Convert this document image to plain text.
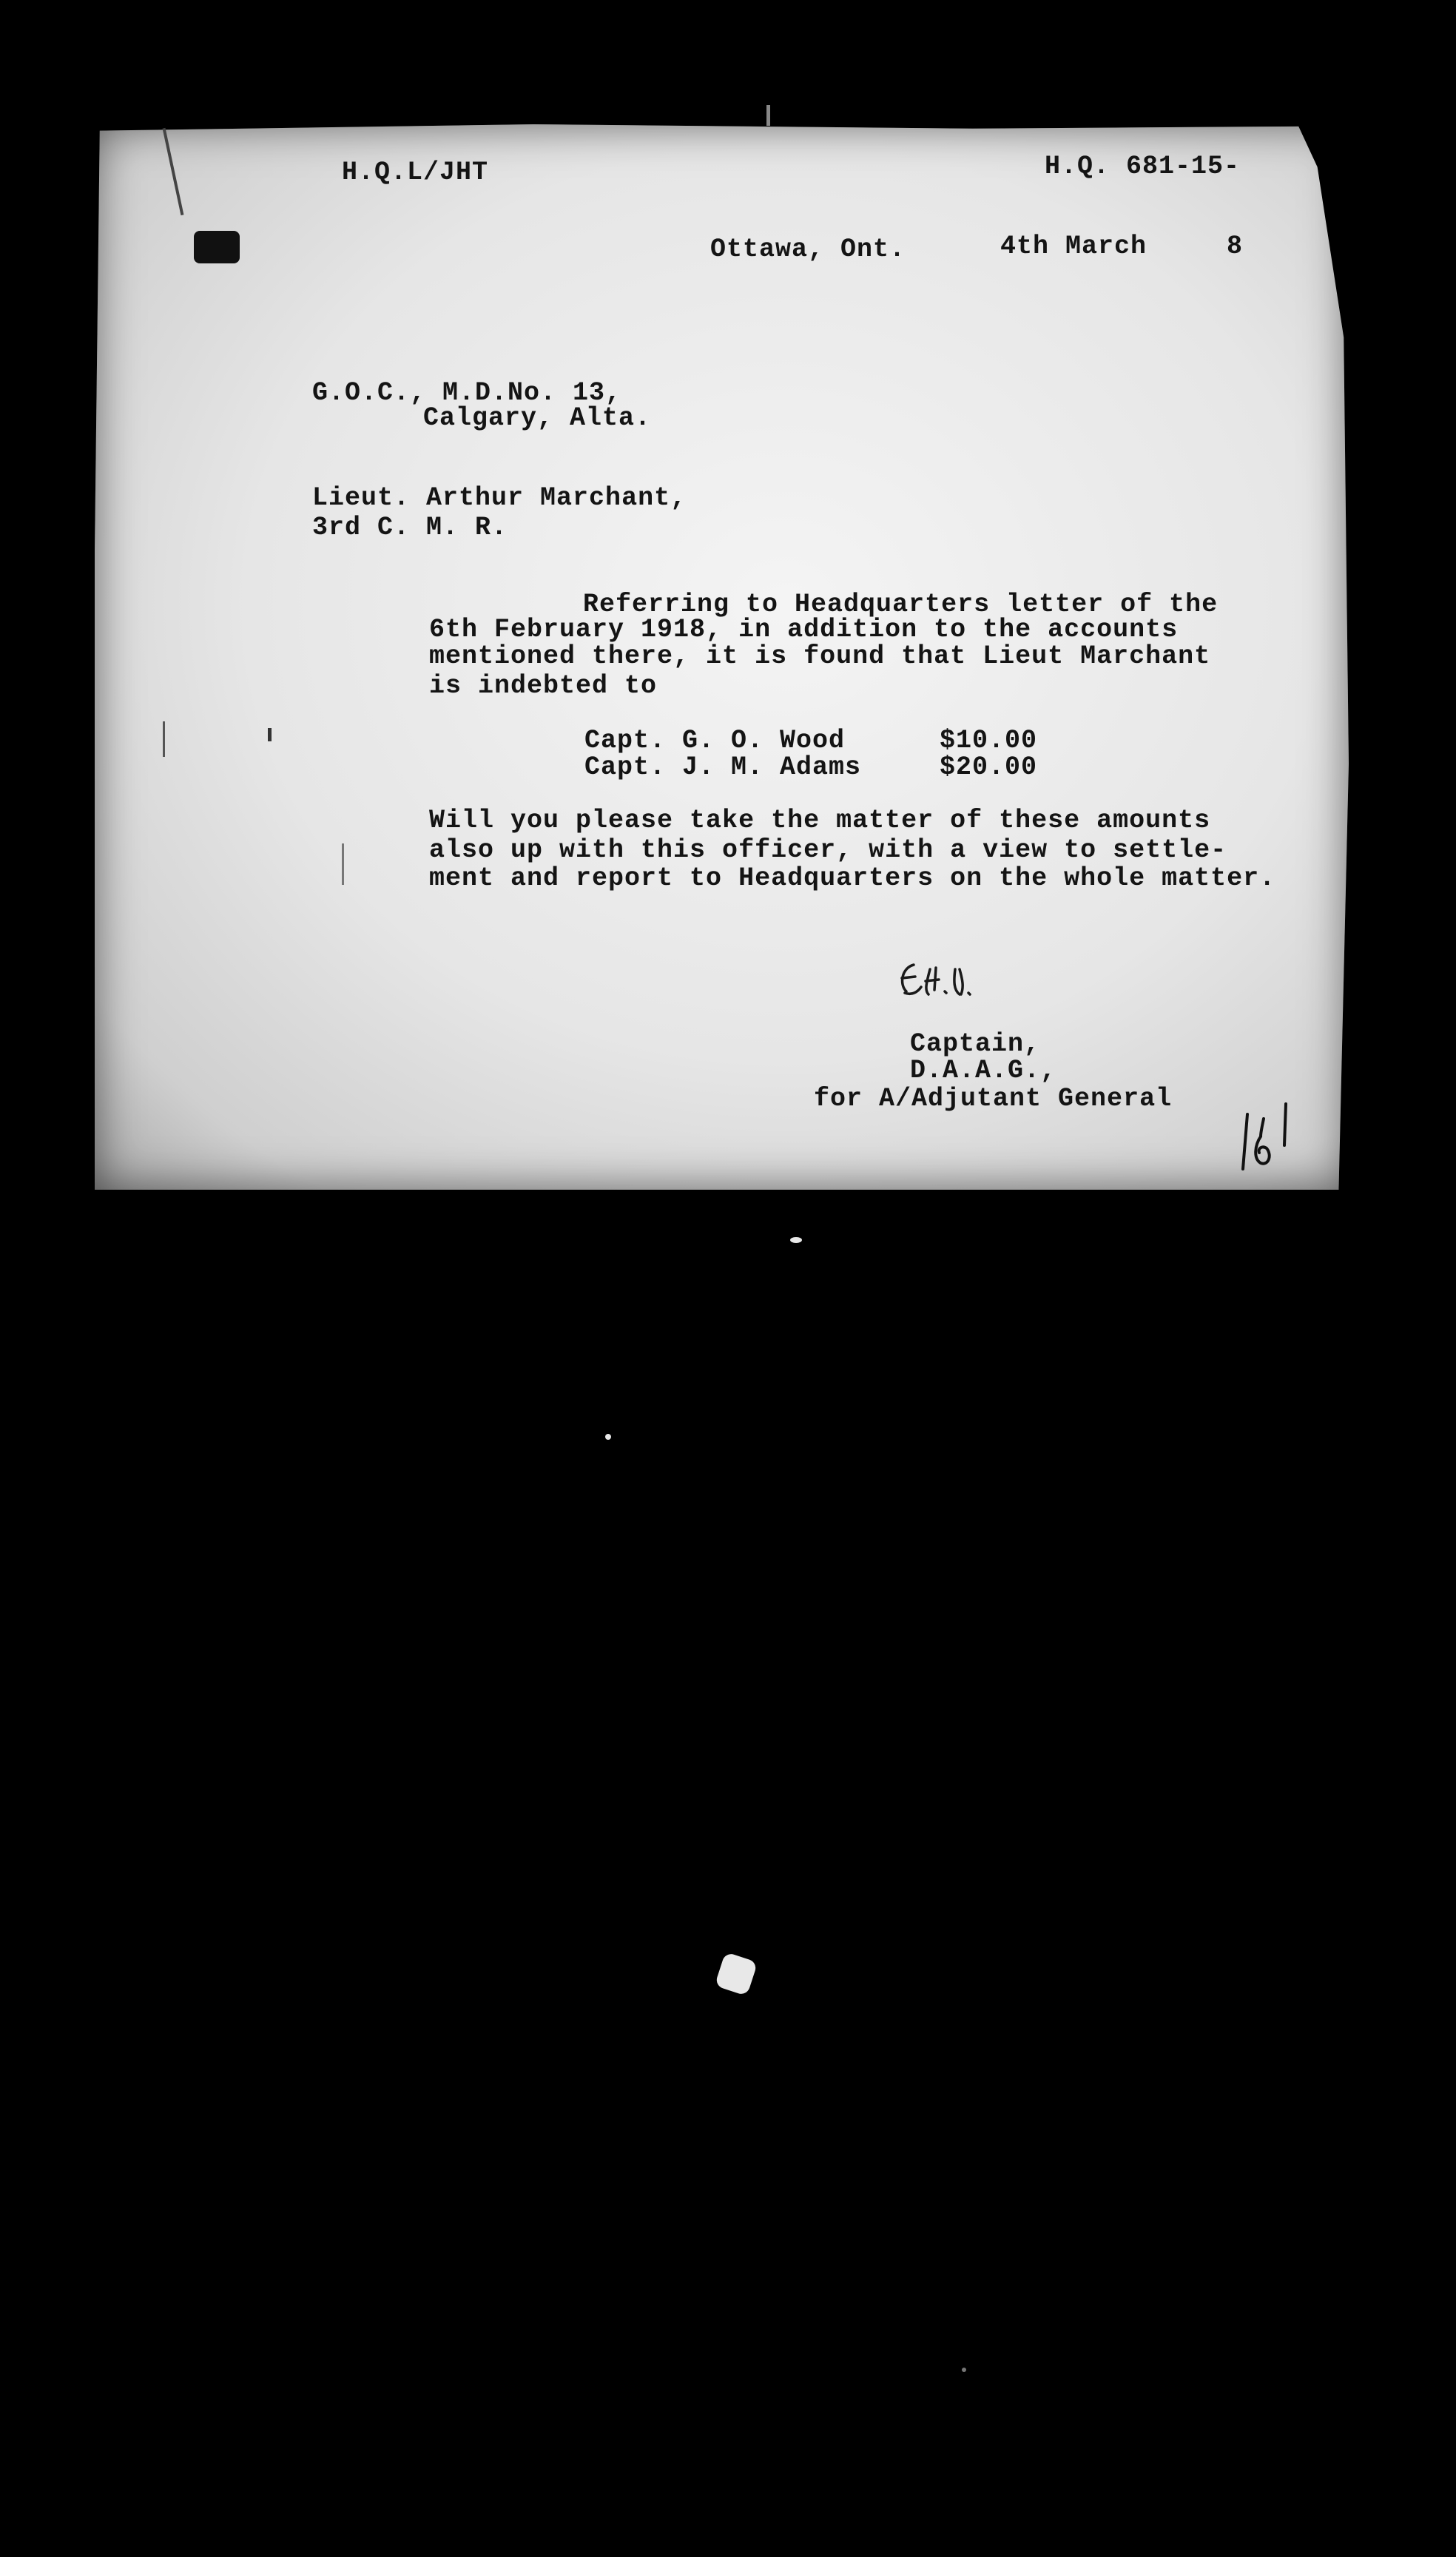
H.Q.L/JHT	H.Q. 681-15-
Ottawa, Ont.	4th March	8
G.O.C., M.D.No. 13,
Calgary, Alta.
Lieut. Arthur Marchant,
3rd C. M. R.
Referring to Headquarters letter of the
6th February 1918, in addition to the accounts
mentioned there, it is found that Lieut Marchant
is indebted to
Capt. G. O. Wood	$10.00
Capt. J. M. Adams	$20.00
Will you please take the matter of these amounts
also up with this officer, with a view to settle-
ment and report to Headquarters on the whole matter.
Captain,
D.A.A.G.,
for A/Adjutant General
